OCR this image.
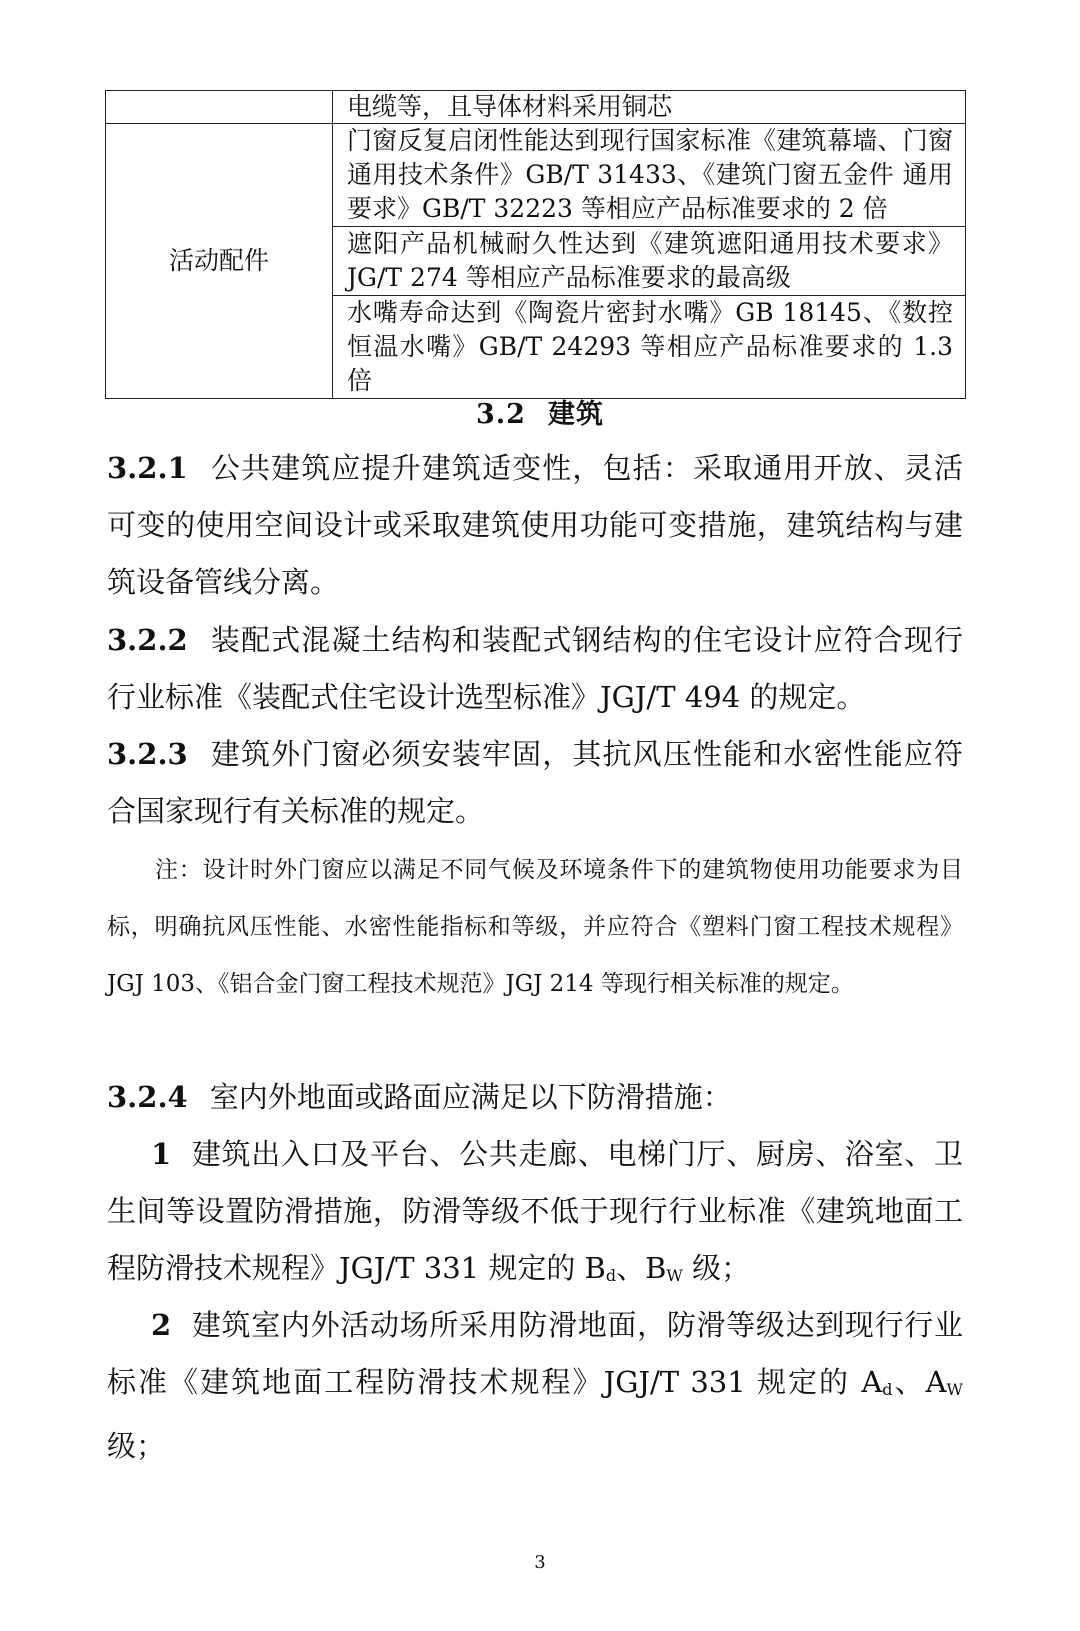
	电缆等，且导体材料采用铜芯
活动配件	门窗反复启闭性能达到现行国家标准《建筑幕墙、门窗通用技术条件》GB/T 31433、《建筑门窗五金件 通用要求》GB/T 32223 等相应产品标准要求的 2 倍
	遮阳产品机械耐久性达到《建筑遮阳通用技术要求》JG/T 274 等相应产品标准要求的最高级
	水嘴寿命达到《陶瓷片密封水嘴》GB 18145、《数控恒温水嘴》GB/T 24293 等相应产品标准要求的 1.3 倍
3.2 建筑
3.2.1 公共建筑应提升建筑适变性，包括：采取通用开放、灵活可变的使用空间设计或采取建筑使用功能可变措施，建筑结构与建筑设备管线分离。
3.2.2 装配式混凝土结构和装配式钢结构的住宅设计应符合现行行业标准《装配式住宅设计选型标准》JGJ/T 494 的规定。
3.2.3 建筑外门窗必须安装牢固，其抗风压性能和水密性能应符合国家现行有关标准的规定。
注：设计时外门窗应以满足不同气候及环境条件下的建筑物使用功能要求为目标，明确抗风压性能、水密性能指标和等级，并应符合《塑料门窗工程技术规程》JGJ 103、《铝合金门窗工程技术规范》JGJ 214 等现行相关标准的规定。
3.2.4 室内外地面或路面应满足以下防滑措施：
1 建筑出入口及平台、公共走廊、电梯门厅、厨房、浴室、卫生间等设置防滑措施，防滑等级不低于现行行业标准《建筑地面工程防滑技术规程》JGJ/T 331 规定的 $B_d$、$B_W$ 级；
2 建筑室内外活动场所采用防滑地面，防滑等级达到现行行业标准《建筑地面工程防滑技术规程》JGJ/T 331 规定的 $A_d$、$A_W$ 级；
3
